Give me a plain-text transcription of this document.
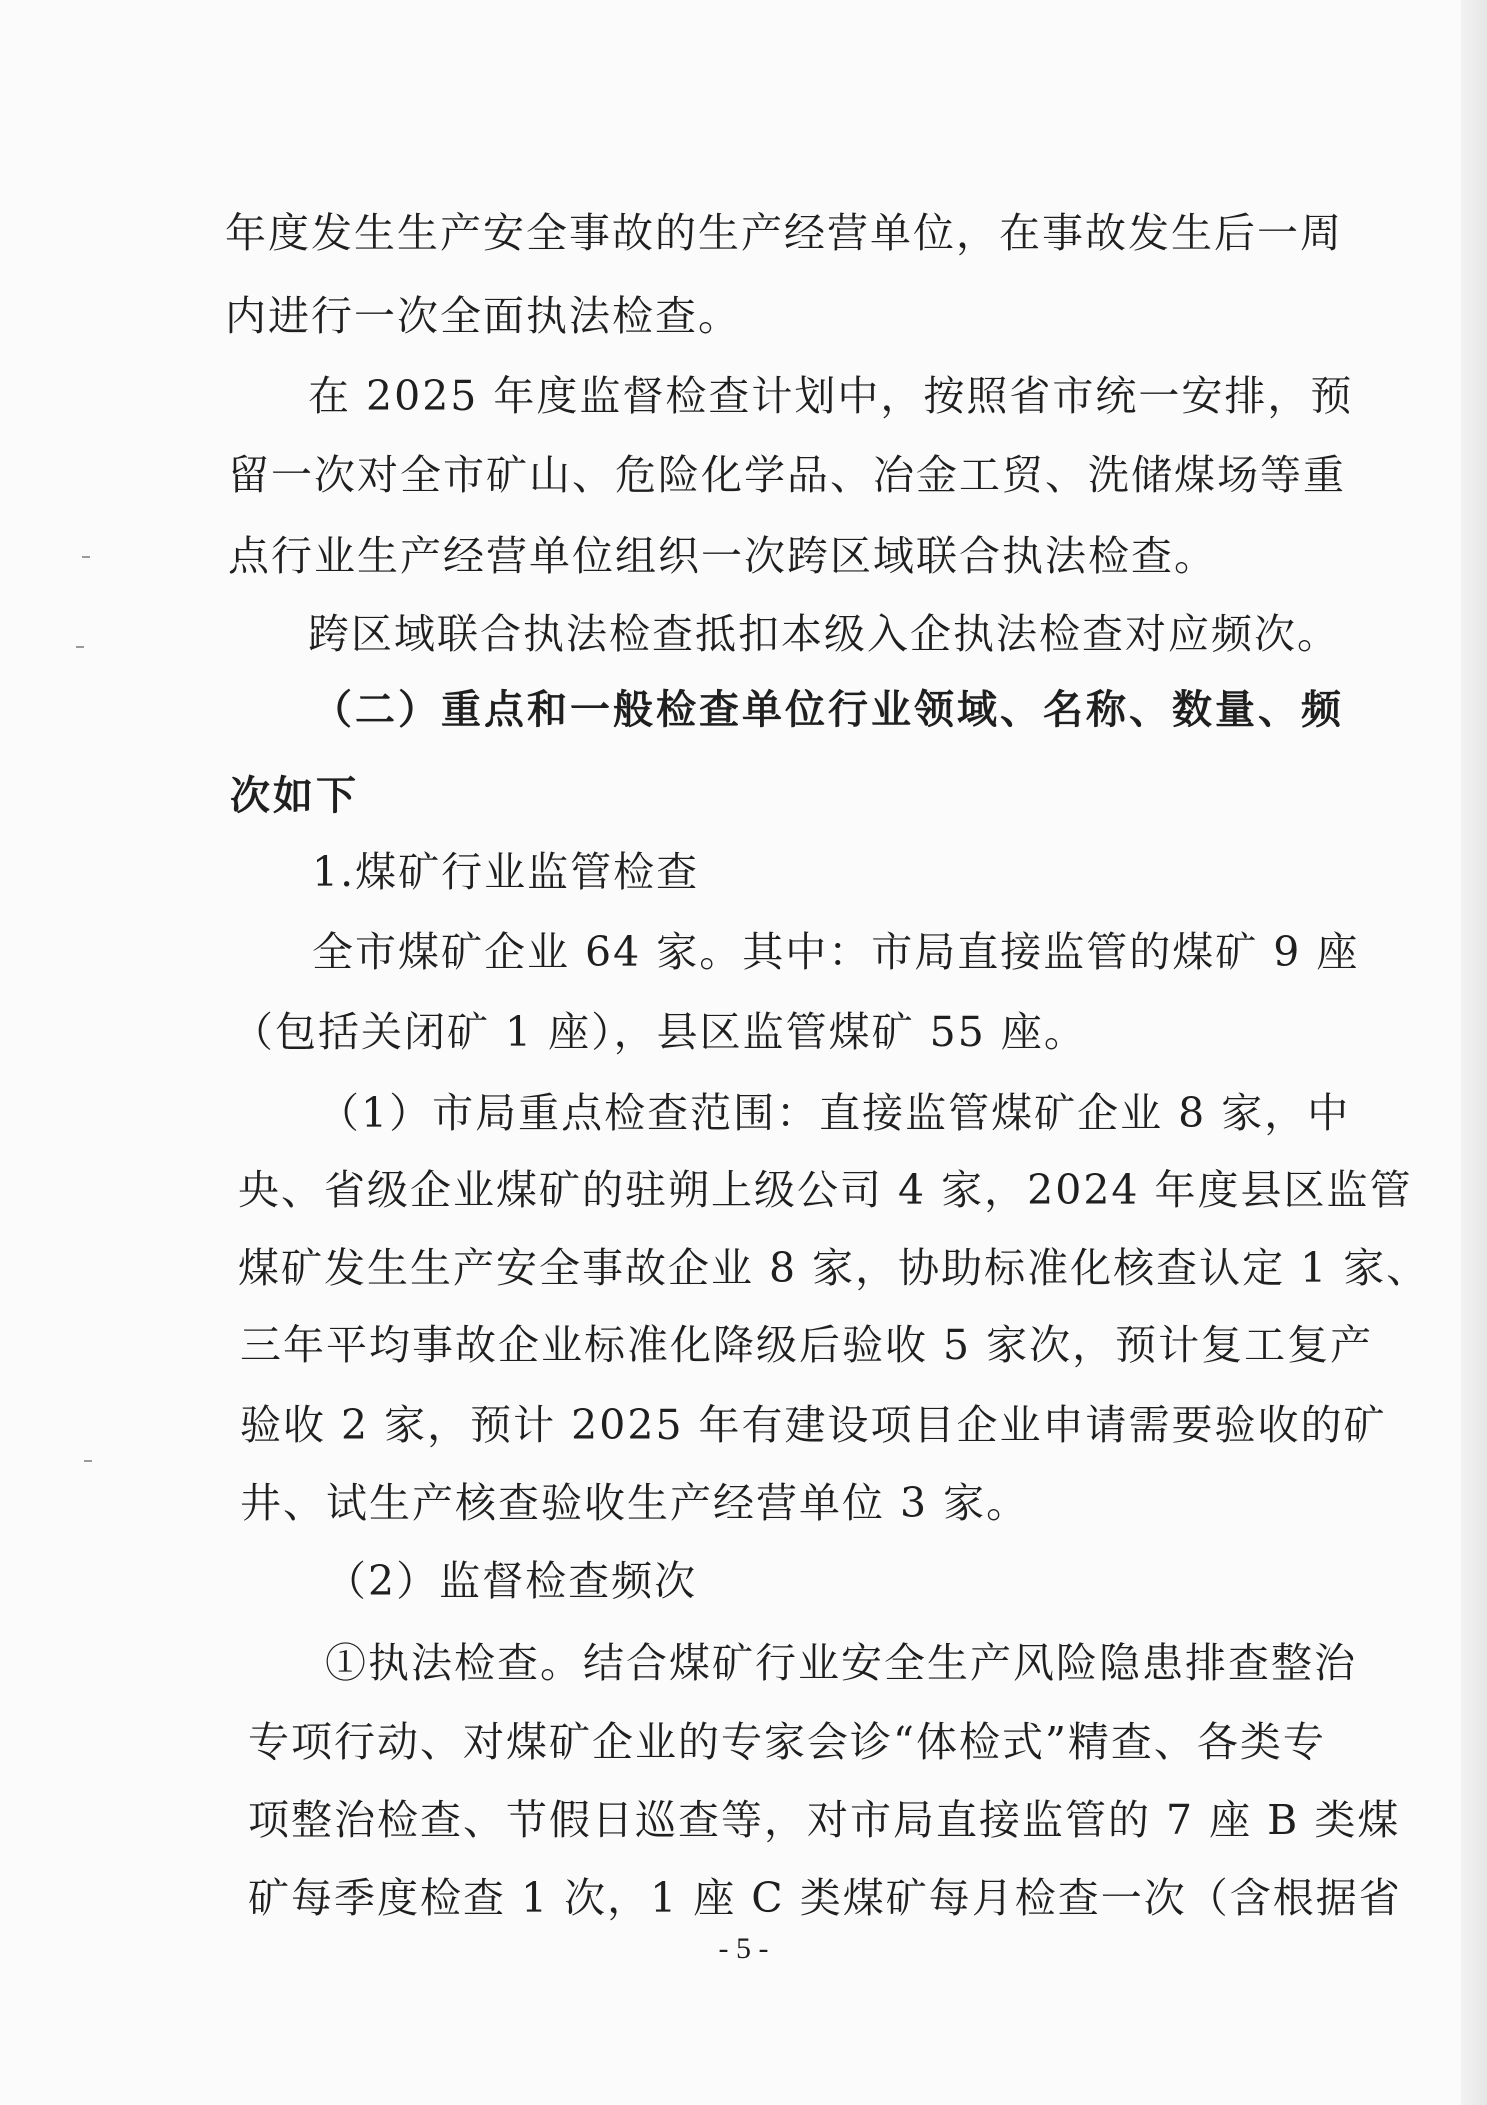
年度发生生产安全事故的生产经营单位，在事故发生后一周
内进行一次全面执法检查。
在 2025 年度监督检查计划中，按照省市统一安排，预
留一次对全市矿山、危险化学品、冶金工贸、洗储煤场等重
点行业生产经营单位组织一次跨区域联合执法检查。
跨区域联合执法检查抵扣本级入企执法检查对应频次。
（二）重点和一般检查单位行业领域、名称、数量、频
次如下
1.煤矿行业监管检查
全市煤矿企业 64 家。其中：市局直接监管的煤矿 9 座
（包括关闭矿 1 座），县区监管煤矿 55 座。
（1）市局重点检查范围：直接监管煤矿企业 8 家，中
央、省级企业煤矿的驻朔上级公司 4 家，2024 年度县区监管
煤矿发生生产安全事故企业 8 家，协助标准化核查认定 1 家、
三年平均事故企业标准化降级后验收 5 家次，预计复工复产
验收 2 家，预计 2025 年有建设项目企业申请需要验收的矿
井、试生产核查验收生产经营单位 3 家。
（2）监督检查频次
①执法检查。结合煤矿行业安全生产风险隐患排查整治
专项行动、对煤矿企业的专家会诊“体检式”精查、各类专
项整治检查、节假日巡查等，对市局直接监管的 7 座 B 类煤
矿每季度检查 1 次，1 座 C 类煤矿每月检查一次（含根据省
- 5 -
